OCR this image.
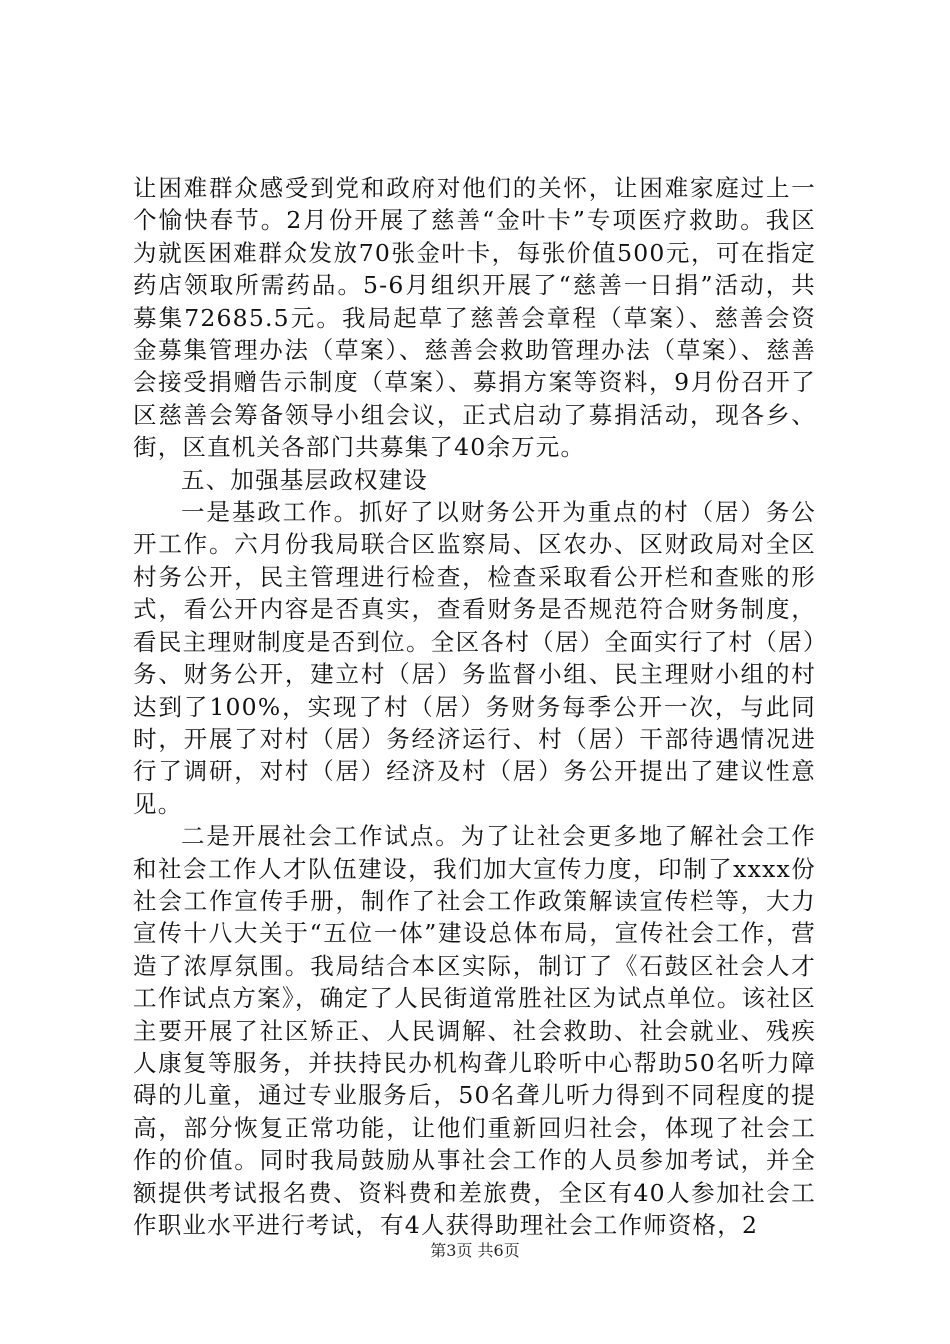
让困难群众感受到党和政府对他们的关怀，让困难家庭过上一个愉快春节。2月份开展了慈善“金叶卡”专项医疗救助。我区为就医困难群众发放70张金叶卡，每张价值500元，可在指定药店领取所需药品。5-6月组织开展了“慈善一日捐”活动，共募集72685.5元。我局起草了慈善会章程（草案）、慈善会资金募集管理办法（草案）、慈善会救助管理办法（草案）、慈善会接受捐赠告示制度（草案）、募捐方案等资料，9月份召开了区慈善会筹备领导小组会议，正式启动了募捐活动，现各乡、街，区直机关各部门共募集了40余万元。

五、加强基层政权建设

一是基政工作。抓好了以财务公开为重点的村（居）务公开工作。六月份我局联合区监察局、区农办、区财政局对全区村务公开，民主管理进行检查，检查采取看公开栏和查账的形式，看公开内容是否真实，查看财务是否规范符合财务制度，看民主理财制度是否到位。全区各村（居）全面实行了村（居）务、财务公开，建立村（居）务监督小组、民主理财小组的村达到了100%，实现了村（居）务财务每季公开一次，与此同时，开展了对村（居）务经济运行、村（居）干部待遇情况进行了调研，对村（居）经济及村（居）务公开提出了建议性意见。

二是开展社会工作试点。为了让社会更多地了解社会工作和社会工作人才队伍建设，我们加大宣传力度，印制了xxxx份社会工作宣传手册，制作了社会工作政策解读宣传栏等，大力宣传十八大关于“五位一体”建设总体布局，宣传社会工作，营造了浓厚氛围。我局结合本区实际，制订了《石鼓区社会人才工作试点方案》，确定了人民街道常胜社区为试点单位。该社区主要开展了社区矫正、人民调解、社会救助、社会就业、残疾人康复等服务，并扶持民办机构聋儿聆听中心帮助50名听力障碍的儿童，通过专业服务后，50名聋儿听力得到不同程度的提高，部分恢复正常功能，让他们重新回归社会，体现了社会工作的价值。同时我局鼓励从事社会工作的人员参加考试，并全额提供考试报名费、资料费和差旅费，全区有40人参加社会工作职业水平进行考试，有4人获得助理社会工作师资格，2

第3页 共6页
